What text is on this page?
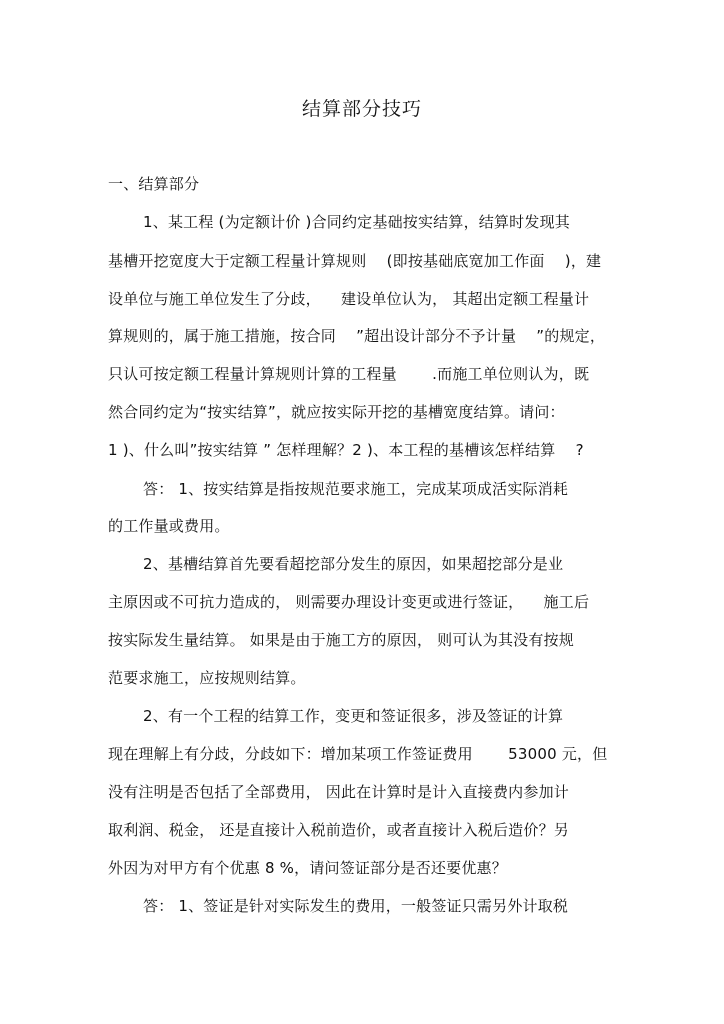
结算部分技巧
一、结算部分
1、某工程 (为定额计价 )合同约定基础按实结算，结算时发现其
基槽开挖宽度大于定额工程量计算规则 　(即按基础底宽加工作面 　)，建
设单位与施工单位发生了分歧， 　建设单位认为， 其超出定额工程量计
算规则的，属于施工措施，按合同 　”超出设计部分不予计量 　”的规定，
只认可按定额工程量计算规则计算的工程量 　　.而施工单位则认为，既
然合同约定为“按实结算”，就应按实际开挖的基槽宽度结算。请问：
1 )、什么叫”按实结算 ” 怎样理解？2 )、本工程的基槽该怎样结算 　?
答： 1、按实结算是指按规范要求施工，完成某项成活实际消耗
的工作量或费用。
2、基槽结算首先要看超挖部分发生的原因，如果超挖部分是业
主原因或不可抗力造成的， 则需要办理设计变更或进行签证， 　施工后
按实际发生量结算。 如果是由于施工方的原因， 则可认为其没有按规
范要求施工，应按规则结算。
2、有一个工程的结算工作，变更和签证很多，涉及签证的计算
现在理解上有分歧，分歧如下：增加某项工作签证费用 　　53000 元，但
没有注明是否包括了全部费用， 因此在计算时是计入直接费内参加计
取利润、税金， 还是直接计入税前造价，或者直接计入税后造价？另
外因为对甲方有个优惠 8 %，请问签证部分是否还要优惠？
答： 1、签证是针对实际发生的费用，一般签证只需另外计取税
